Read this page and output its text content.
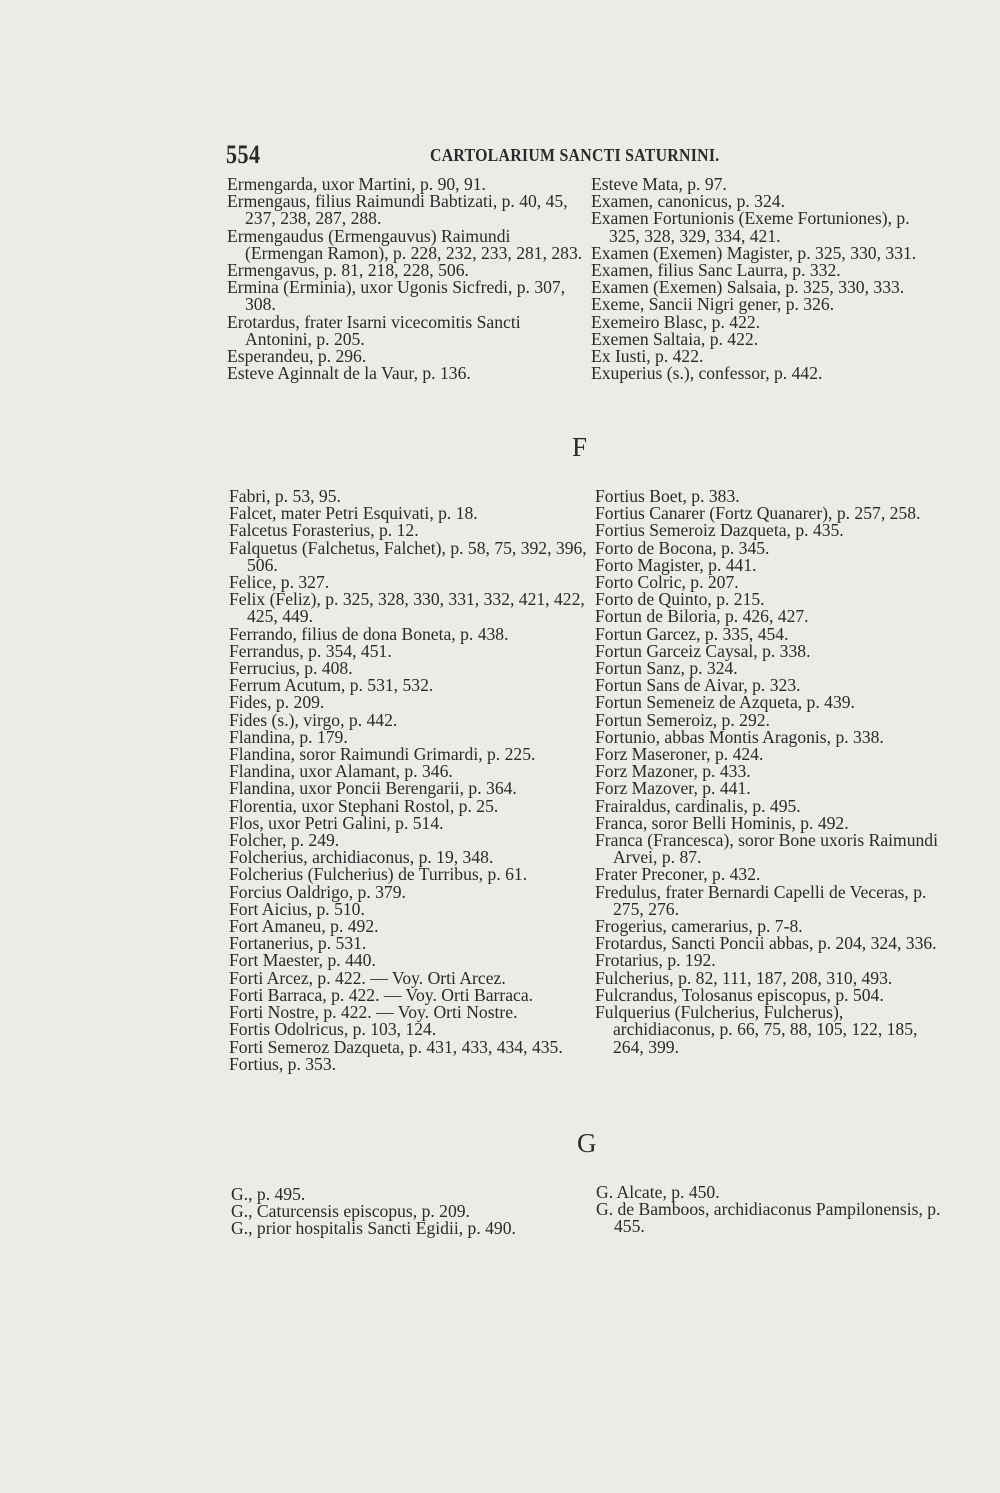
554	CARTOLARIUM SANCTI SATURNINI.
Ermengarda, uxor Martini, p. 90, 91.
Ermengaus, filius Raimundi Babtizati, p. 40, 45, 237, 238, 287, 288.
Ermengaudus (Ermengauvus) Raimundi (Ermengan Ramon), p. 228, 232, 233, 281, 283.
Ermengavus, p. 81, 218, 228, 506.
Ermina (Erminia), uxor Ugonis Sicfredi, p. 307, 308.
Erotardus, frater Isarni vicecomitis Sancti Antonini, p. 205.
Esperandeu, p. 296.
Esteve Aginnalt de la Vaur, p. 136.
Esteve Mata, p. 97.
Examen, canonicus, p. 324.
Examen Fortunionis (Exeme Fortuniones), p. 325, 328, 329, 334, 421.
Examen (Exemen) Magister, p. 325, 330, 331.
Examen, filius Sanc Laurra, p. 332.
Examen (Exemen) Salsaia, p. 325, 330, 333.
Exeme, Sancii Nigri gener, p. 326.
Exemeiro Blasc, p. 422.
Exemen Saltaia, p. 422.
Ex Iusti, p. 422.
Exuperius (s.), confessor, p. 442.
F
Fabri, p. 53, 95.
Falcet, mater Petri Esquivati, p. 18.
Falcetus Forasterius, p. 12.
Falquetus (Falchetus, Falchet), p. 58, 75, 392, 396, 506.
Felice, p. 327.
Felix (Feliz), p. 325, 328, 330, 331, 332, 421, 422, 425, 449.
Ferrando, filius de dona Boneta, p. 438.
Ferrandus, p. 354, 451.
Ferrucius, p. 408.
Ferrum Acutum, p. 531, 532.
Fides, p. 209.
Fides (s.), virgo, p. 442.
Flandina, p. 179.
Flandina, soror Raimundi Grimardi, p. 225.
Flandina, uxor Alamant, p. 346.
Flandina, uxor Poncii Berengarii, p. 364.
Florentia, uxor Stephani Rostol, p. 25.
Flos, uxor Petri Galini, p. 514.
Folcher, p. 249.
Folcherius, archidiaconus, p. 19, 348.
Folcherius (Fulcherius) de Turribus, p. 61.
Forcius Oaldrigo, p. 379.
Fort Aicius, p. 510.
Fort Amaneu, p. 492.
Fortanerius, p. 531.
Fort Maester, p. 440.
Forti Arcez, p. 422. — Voy. Orti Arcez.
Forti Barraca, p. 422. — Voy. Orti Barraca.
Forti Nostre, p. 422. — Voy. Orti Nostre.
Fortis Odolricus, p. 103, 124.
Forti Semeroz Dazqueta, p. 431, 433, 434, 435.
Fortius, p. 353.
Fortius Boet, p. 383.
Fortius Canarer (Fortz Quanarer), p. 257, 258.
Fortius Semeroiz Dazqueta, p. 435.
Forto de Bocona, p. 345.
Forto Magister, p. 441.
Forto Colric, p. 207.
Forto de Quinto, p. 215.
Fortun de Biloria, p. 426, 427.
Fortun Garcez, p. 335, 454.
Fortun Garceiz Caysal, p. 338.
Fortun Sanz, p. 324.
Fortun Sans de Aivar, p. 323.
Fortun Semeneiz de Azqueta, p. 439.
Fortun Semeroiz, p. 292.
Fortunio, abbas Montis Aragonis, p. 338.
Forz Maseroner, p. 424.
Forz Mazoner, p. 433.
Forz Mazover, p. 441.
Frairaldus, cardinalis, p. 495.
Franca, soror Belli Hominis, p. 492.
Franca (Francesca), soror Bone uxoris Raimundi Arvei, p. 87.
Frater Preconer, p. 432.
Fredulus, frater Bernardi Capelli de Veceras, p. 275, 276.
Frogerius, camerarius, p. 7-8.
Frotardus, Sancti Poncii abbas, p. 204, 324, 336.
Frotarius, p. 192.
Fulcherius, p. 82, 111, 187, 208, 310, 493.
Fulcrandus, Tolosanus episcopus, p. 504.
Fulquerius (Fulcherius, Fulcherus), archidiaconus, p. 66, 75, 88, 105, 122, 185, 264, 399.
G
G., p. 495.
G., Caturcensis episcopus, p. 209.
G., prior hospitalis Sancti Egidii, p. 490.
G. Alcate, p. 450.
G. de Bamboos, archidiaconus Pampilonensis, p. 455.
